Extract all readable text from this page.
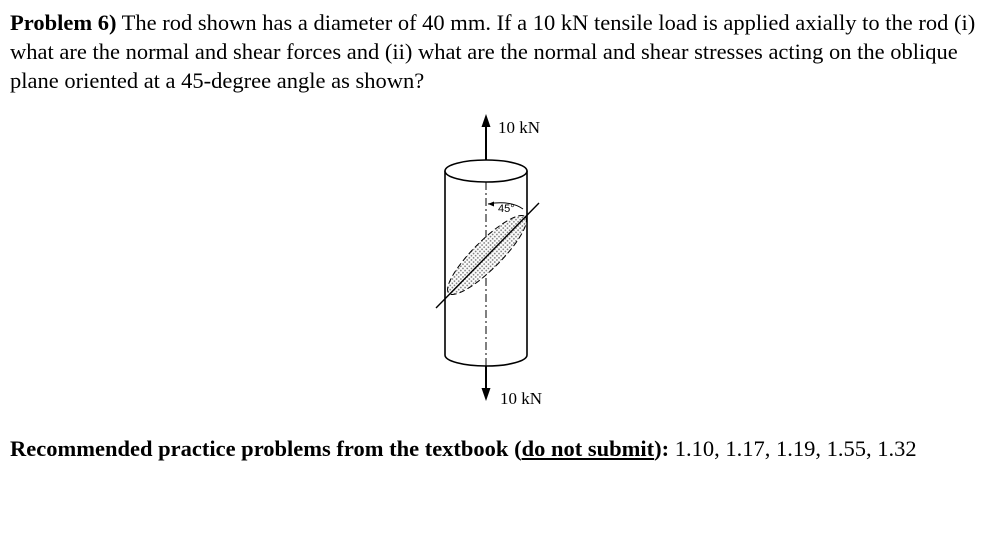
Problem 6) The rod shown has a diameter of 40 mm. If a 10 kN tensile load is applied axially to the rod (i) what are the normal and shear forces and (ii) what are the normal and shear stresses acting on the oblique plane oriented at a 45-degree angle as shown?
10 kN
45°
10 kN
Recommended practice problems from the textbook (do not submit): 1.10, 1.17, 1.19, 1.55, 1.32
